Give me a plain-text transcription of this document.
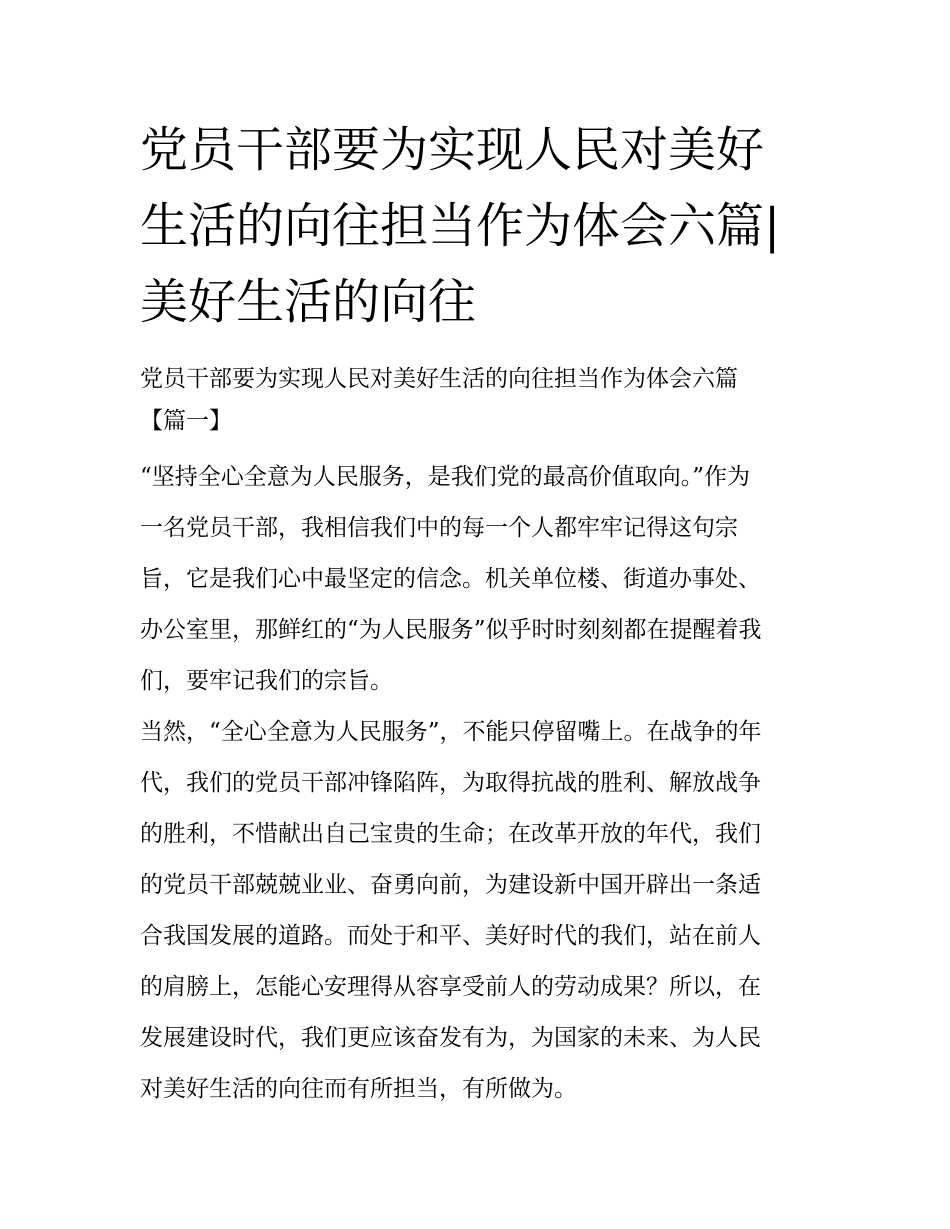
党员干部要为实现人民对美好
生活的向往担当作为体会六篇|
美好生活的向往

党员干部要为实现人民对美好生活的向往担当作为体会六篇

【篇一】

“坚持全心全意为人民服务，是我们党的最高价值取向。”作为
一名党员干部，我相信我们中的每一个人都牢牢记得这句宗
旨，它是我们心中最坚定的信念。机关单位楼、街道办事处、
办公室里，那鲜红的“为人民服务”似乎时时刻刻都在提醒着我
们，要牢记我们的宗旨。

当然，“全心全意为人民服务”，不能只停留嘴上。在战争的年
代，我们的党员干部冲锋陷阵，为取得抗战的胜利、解放战争
的胜利，不惜献出自己宝贵的生命；在改革开放的年代，我们
的党员干部兢兢业业、奋勇向前，为建设新中国开辟出一条适
合我国发展的道路。而处于和平、美好时代的我们，站在前人
的肩膀上，怎能心安理得从容享受前人的劳动成果？所以，在
发展建设时代，我们更应该奋发有为，为国家的未来、为人民
对美好生活的向往而有所担当，有所做为。
